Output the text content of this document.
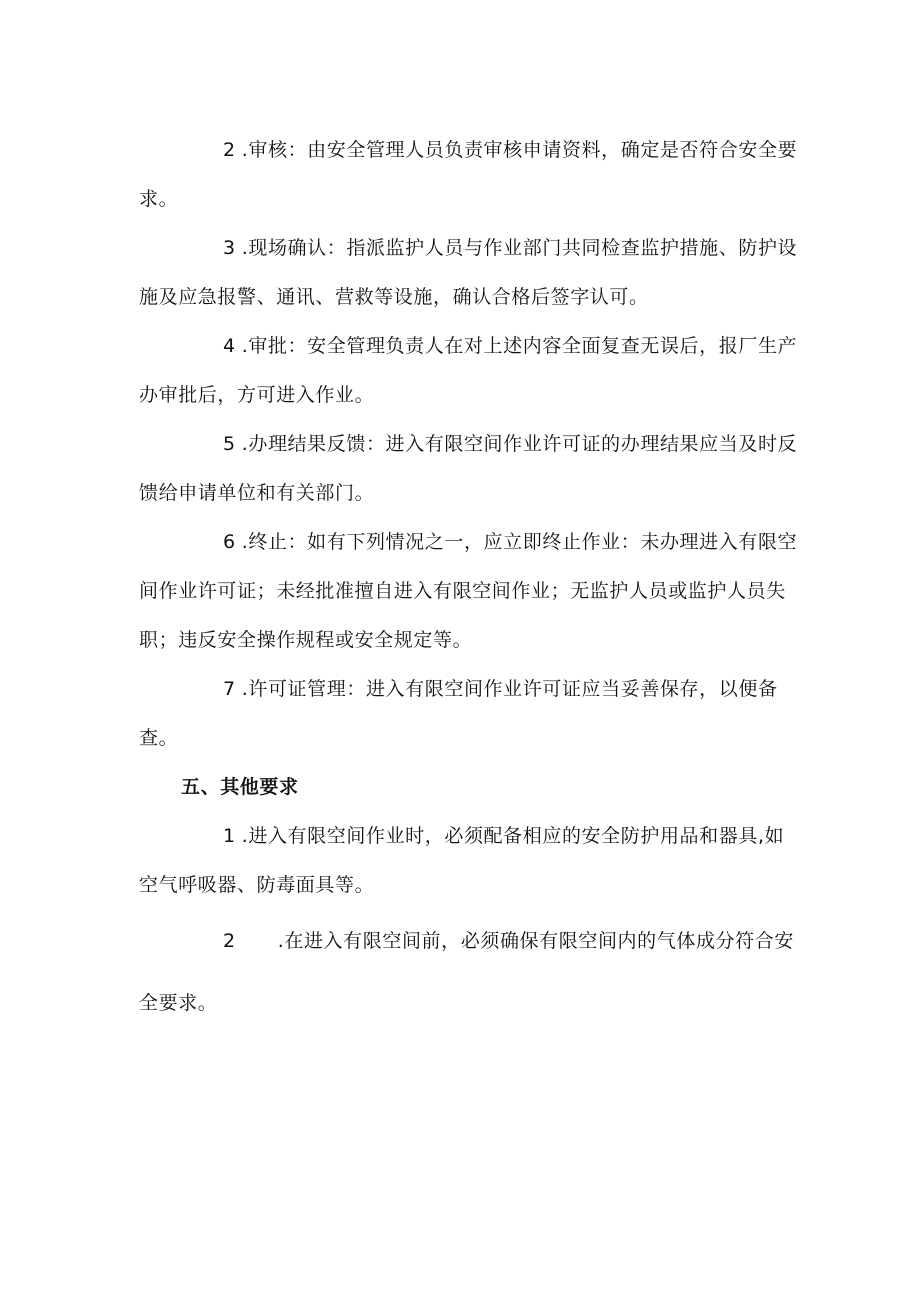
2 .审核：由安全管理人员负责审核申请资料，确定是否符合安全要求。

3 .现场确认：指派监护人员与作业部门共同检查监护措施、防护设施及应急报警、通讯、营救等设施，确认合格后签字认可。

4 .审批：安全管理负责人在对上述内容全面复查无误后，报厂生产办审批后，方可进入作业。

5 .办理结果反馈：进入有限空间作业许可证的办理结果应当及时反馈给申请单位和有关部门。

6 .终止：如有下列情况之一，应立即终止作业：未办理进入有限空间作业许可证；未经批准擅自进入有限空间作业；无监护人员或监护人员失职；违反安全操作规程或安全规定等。

7 .许可证管理：进入有限空间作业许可证应当妥善保存，以便备查。

五、其他要求

1 .进入有限空间作业时，必须配备相应的安全防护用品和器具,如空气呼吸器、防毒面具等。

2 .在进入有限空间前，必须确保有限空间内的气体成分符合安全要求。
